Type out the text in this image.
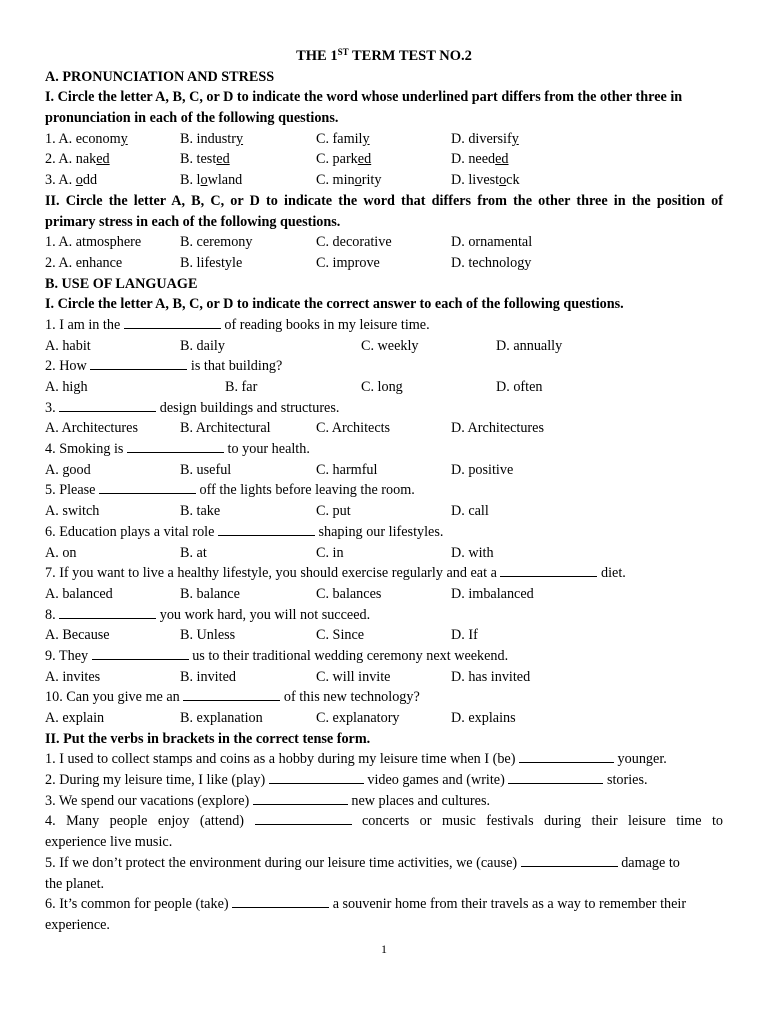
THE 1ST TERM TEST NO.2
A. PRONUNCIATION AND STRESS
I. Circle the letter A, B, C, or D to indicate the word whose underlined part differs from the other three in
pronunciation in each of the following questions.
1. A. economy	B. industry	C. family	D. diversify
2. A. naked	B. tested	C. parked	D. needed
3. A. odd	B. lowland	C. minority	D. livestock
II. Circle the letter A, B, C, or D to indicate the word that differs from the other three in the position of
primary stress in each of the following questions.
1. A. atmosphere	B. ceremony	C. decorative	D. ornamental
2. A. enhance	B. lifestyle	C. improve	D. technology
B. USE OF LANGUAGE
I. Circle the letter A, B, C, or D to indicate the correct answer to each of the following questions.
1. I am in the	of reading books in my leisure time.
A. habit	B. daily	C. weekly	D. annually
2. How	is that building?
A. high	B. far	C. long	D. often
3.	design buildings and structures.
A. Architectures	B. Architectural	C. Architects	D. Architectures
4. Smoking is	to your health.
A. good	B. useful	C. harmful	D. positive
5. Please	off the lights before leaving the room.
A. switch	B. take	C. put	D. call
6. Education plays a vital role	shaping our lifestyles.
A. on	B. at	C. in	D. with
7. If you want to live a healthy lifestyle, you should exercise regularly and eat a	diet.
A. balanced	B. balance	C. balances	D. imbalanced
8.	you work hard, you will not succeed.
A. Because	B. Unless	C. Since	D. If
9. They	us to their traditional wedding ceremony next weekend.
A. invites	B. invited	C. will invite	D. has invited
10. Can you give me an	of this new technology?
A. explain	B. explanation	C. explanatory	D. explains
II. Put the verbs in brackets in the correct tense form.
1. I used to collect stamps and coins as a hobby during my leisure time when I (be)	younger.
2. During my leisure time, I like (play)	video games and (write)	stories.
3. We spend our vacations (explore)	new places and cultures.
4. Many people enjoy (attend)	concerts or music festivals during their leisure time to
experience live music.
5. If we don’t protect the environment during our leisure time activities, we (cause)	damage to
the planet.
6. It’s common for people (take)	a souvenir home from their travels as a way to remember their
experience.
1
